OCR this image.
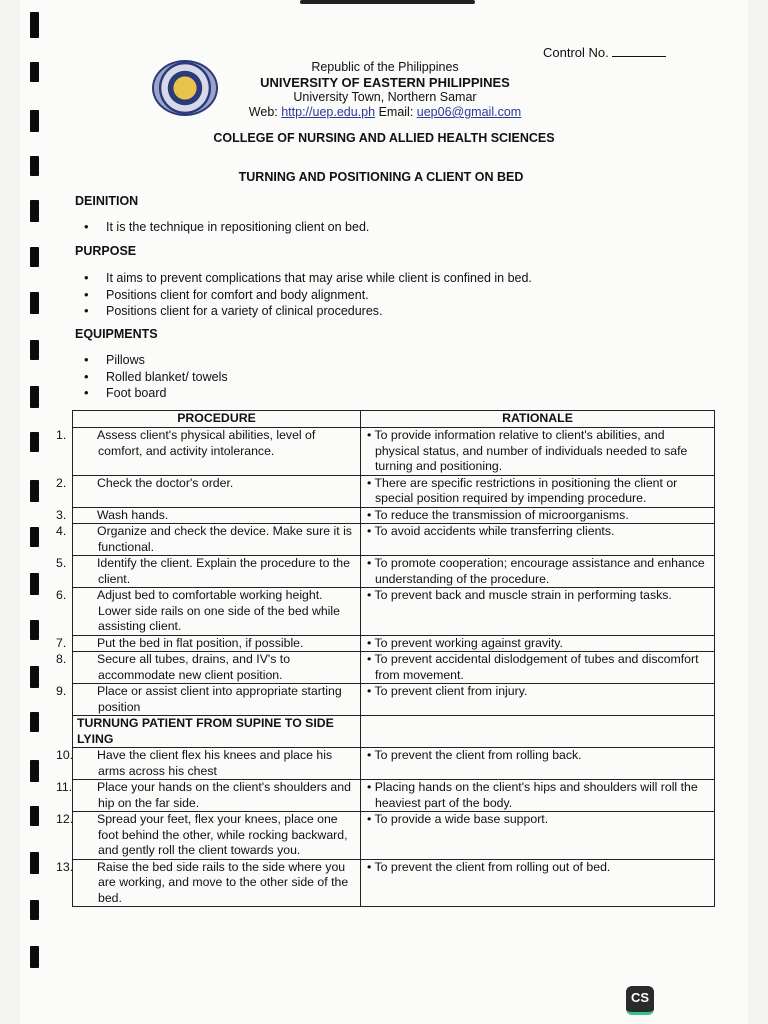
Control No.
Republic of the Philippines
UNIVERSITY OF EASTERN PHILIPPINES
University Town, Northern Samar
Web: http://uep.edu.ph Email: uep06@gmail.com
COLLEGE OF NURSING AND ALLIED HEALTH SCIENCES
TURNING AND POSITIONING A CLIENT ON BED
DEINITION
• It is the technique in repositioning client on bed.
PURPOSE
• It aims to prevent complications that may arise while client is confined in bed.
• Positions client for comfort and body alignment.
• Positions client for a variety of clinical procedures.
EQUIPMENTS
• Pillows
• Rolled blanket/ towels
• Foot board
PROCEDURE	RATIONALE

1. Assess client's physical abilities, level of comfort, and activity intolerance.	• To provide information relative to client's abilities, and physical status, and number of individuals needed to safe turning and positioning.

2. Check the doctor's order.	• There are specific restrictions in positioning the client or special position required by impending procedure.

3. Wash hands.	• To reduce the transmission of microorganisms.

4. Organize and check the device. Make sure it is functional.	• To avoid accidents while transferring clients.

5. Identify the client. Explain the procedure to the client.	• To promote cooperation; encourage assistance and enhance understanding of the procedure.

6. Adjust bed to comfortable working height. Lower side rails on one side of the bed while assisting client.	• To prevent back and muscle strain in performing tasks.

7. Put the bed in flat position, if possible.	• To prevent working against gravity.

8. Secure all tubes, drains, and IV's to accommodate new client position.	• To prevent accidental dislodgement of tubes and discomfort from movement.

9. Place or assist client into appropriate starting position	• To prevent client from injury.

TURNUNG PATIENT FROM SUPINE TO SIDE LYING	

10. Have the client flex his knees and place his arms across his chest	• To prevent the client from rolling back.

11. Place your hands on the client's shoulders and hip on the far side.	• Placing hands on the client's hips and shoulders will roll the heaviest part of the body.

12. Spread your feet, flex your knees, place one foot behind the other, while rocking backward, and gently roll the client towards you.	• To provide a wide base support.

13. Raise the bed side rails to the side where you are working, and move to the other side of the bed.	• To prevent the client from rolling out of bed.
CS
